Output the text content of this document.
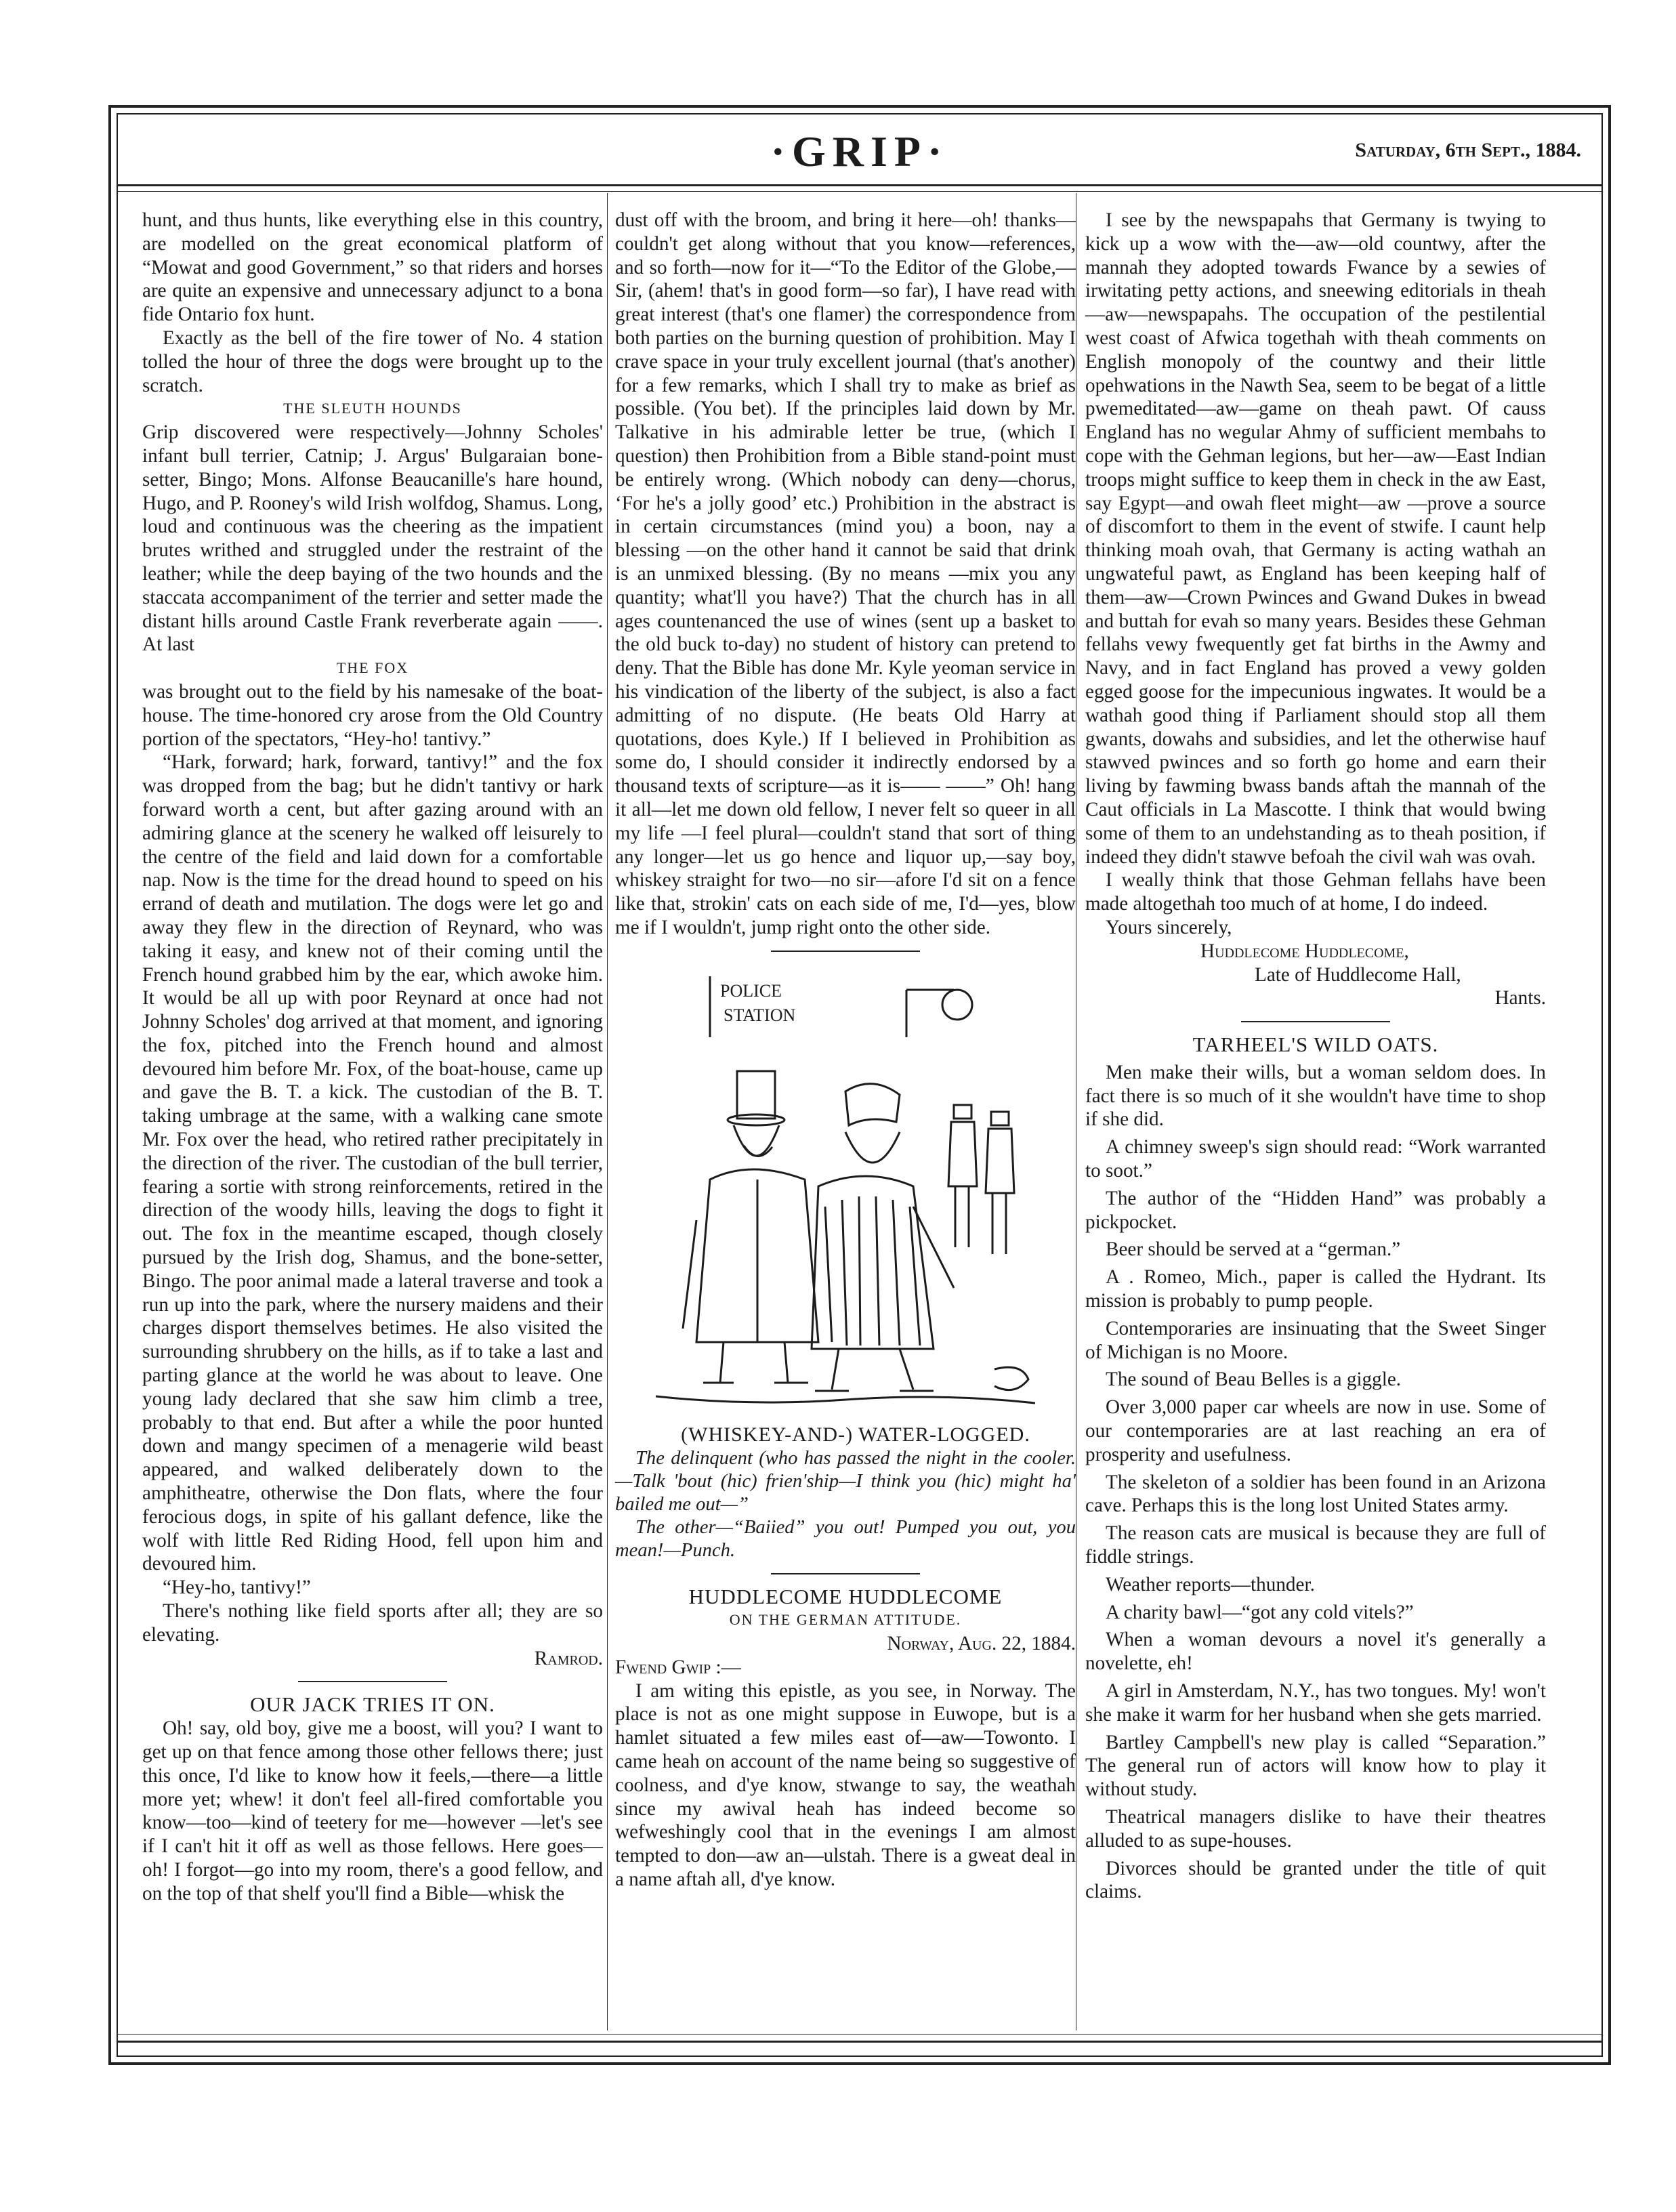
·GRIP·	Saturday, 6th Sept., 1884.

hunt, and thus hunts, like everything else in this country, are modelled on the great economical platform of “Mowat and good Government,” so that riders and horses are quite an expensive and unnecessary adjunct to a bona fide Ontario fox hunt.

Exactly as the bell of the fire tower of No. 4 station tolled the hour of three the dogs were brought up to the scratch.

THE SLEUTH HOUNDS

Grip discovered were respectively—Johnny Scholes' infant bull terrier, Catnip; J. Argus' Bulgaraian bone-setter, Bingo; Mons. Alfonse Beaucanille's hare hound, Hugo, and P. Rooney's wild Irish wolfdog, Shamus. Long, loud and continuous was the cheering as the impatient brutes writhed and struggled under the restraint of the leather; while the deep baying of the two hounds and the staccata accompaniment of the terrier and setter made the distant hills around Castle Frank reverberate again ——. At last

THE FOX

was brought out to the field by his namesake of the boat-house. The time-honored cry arose from the Old Country portion of the spectators, “Hey-ho! tantivy.”

“Hark, forward; hark, forward, tantivy!” and the fox was dropped from the bag; but he didn't tantivy or hark forward worth a cent, but after gazing around with an admiring glance at the scenery he walked off leisurely to the centre of the field and laid down for a comfortable nap. Now is the time for the dread hound to speed on his errand of death and mutilation. The dogs were let go and away they flew in the direction of Reynard, who was taking it easy, and knew not of their coming until the French hound grabbed him by the ear, which awoke him. It would be all up with poor Reynard at once had not Johnny Scholes' dog arrived at that moment, and ignoring the fox, pitched into the French hound and almost devoured him before Mr. Fox, of the boat-house, came up and gave the B. T. a kick. The custodian of the B. T. taking umbrage at the same, with a walking cane smote Mr. Fox over the head, who retired rather precipitately in the direction of the river. The custodian of the bull terrier, fearing a sortie with strong reinforcements, retired in the direction of the woody hills, leaving the dogs to fight it out. The fox in the meantime escaped, though closely pursued by the Irish dog, Shamus, and the bone-setter, Bingo. The poor animal made a lateral traverse and took a run up into the park, where the nursery maidens and their charges disport themselves betimes. He also visited the surrounding shrubbery on the hills, as if to take a last and parting glance at the world he was about to leave. One young lady declared that she saw him climb a tree, probably to that end. But after a while the poor hunted down and mangy specimen of a menagerie wild beast appeared, and walked deliberately down to the amphitheatre, otherwise the Don flats, where the four ferocious dogs, in spite of his gallant defence, like the wolf with little Red Riding Hood, fell upon him and devoured him.

“Hey-ho, tantivy!”

There's nothing like field sports after all; they are so elevating.

Ramrod.

OUR JACK TRIES IT ON.

Oh! say, old boy, give me a boost, will you? I want to get up on that fence among those other fellows there; just this once, I'd like to know how it feels,—there—a little more yet; whew! it don't feel all-fired comfortable you know—too—kind of teetery for me—however —let's see if I can't hit it off as well as those fellows. Here goes—oh! I forgot—go into my room, there's a good fellow, and on the top of that shelf you'll find a Bible—whisk the

dust off with the broom, and bring it here—oh! thanks—couldn't get along without that you know—references, and so forth—now for it—“To the Editor of the Globe,—Sir, (ahem! that's in good form—so far), I have read with great interest (that's one flamer) the correspondence from both parties on the burning question of prohibition. May I crave space in your truly excellent journal (that's another) for a few remarks, which I shall try to make as brief as possible. (You bet). If the principles laid down by Mr. Talkative in his admirable letter be true, (which I question) then Prohibition from a Bible stand-point must be entirely wrong. (Which nobody can deny—chorus, ‘For he's a jolly good’ etc.) Prohibition in the abstract is in certain circumstances (mind you) a boon, nay a blessing —on the other hand it cannot be said that drink is an unmixed blessing. (By no means —mix you any quantity; what'll you have?) That the church has in all ages countenanced the use of wines (sent up a basket to the old buck to-day) no student of history can pretend to deny. That the Bible has done Mr. Kyle yeoman service in his vindication of the liberty of the subject, is also a fact admitting of no dispute. (He beats Old Harry at quotations, does Kyle.) If I believed in Prohibition as some do, I should consider it indirectly endorsed by a thousand texts of scripture—as it is—— ——” Oh! hang it all—let me down old fellow, I never felt so queer in all my life —I feel plural—couldn't stand that sort of thing any longer—let us go hence and liquor up,—say boy, whiskey straight for two—no sir—afore I'd sit on a fence like that, strokin' cats on each side of me, I'd—yes, blow me if I wouldn't, jump right onto the other side.

POLICE
STATION

(WHISKEY-AND-) WATER-LOGGED.

The delinquent (who has passed the night in the cooler.—Talk 'bout (hic) frien'ship—I think you (hic) might ha' bailed me out—”

The other—“Baiied” you out! Pumped you out, you mean!—Punch.

HUDDLECOME HUDDLECOME

ON THE GERMAN ATTITUDE.

Norway, Aug. 22, 1884.

Fwend Gwip :—

I am witing this epistle, as you see, in Norway. The place is not as one might suppose in Euwope, but is a hamlet situated a few miles east of—aw—Towonto. I came heah on account of the name being so suggestive of coolness, and d'ye know, stwange to say, the weathah since my awival heah has indeed become so wefweshingly cool that in the evenings I am almost tempted to don—aw an—ulstah. There is a gweat deal in a name aftah all, d'ye know.

I see by the newspapahs that Germany is twying to kick up a wow with the—aw—old countwy, after the mannah they adopted towards Fwance by a sewies of irwitating petty actions, and sneewing editorials in theah —aw—newspapahs. The occupation of the pestilential west coast of Afwica togethah with theah comments on English monopoly of the countwy and their little opehwations in the Nawth Sea, seem to be begat of a little pwemeditated—aw—game on theah pawt. Of causs England has no wegular Ahmy of sufficient membahs to cope with the Gehman legions, but her—aw—East Indian troops might suffice to keep them in check in the aw East, say Egypt—and owah fleet might—aw —prove a source of discomfort to them in the event of stwife. I caunt help thinking moah ovah, that Germany is acting wathah an ungwateful pawt, as England has been keeping half of them—aw—Crown Pwinces and Gwand Dukes in bwead and buttah for evah so many years. Besides these Gehman fellahs vewy fwequently get fat births in the Awmy and Navy, and in fact England has proved a vewy golden egged goose for the impecunious ingwates. It would be a wathah good thing if Parliament should stop all them gwants, dowahs and subsidies, and let the otherwise hauf stawved pwinces and so forth go home and earn their living by fawming bwass bands aftah the mannah of the Caut officials in La Mascotte. I think that would bwing some of them to an undehstanding as to theah position, if indeed they didn't stawve befoah the civil wah was ovah.

I weally think that those Gehman fellahs have been made altogethah too much of at home, I do indeed.

Yours sincerely,

Huddlecome Huddlecome,

Late of Huddlecome Hall,

Hants.

TARHEEL'S WILD OATS.

Men make their wills, but a woman seldom does. In fact there is so much of it she wouldn't have time to shop if she did.

A chimney sweep's sign should read: “Work warranted to soot.”

The author of the “Hidden Hand” was probably a pickpocket.

Beer should be served at a “german.”

A . Romeo, Mich., paper is called the Hydrant. Its mission is probably to pump people.

Contemporaries are insinuating that the Sweet Singer of Michigan is no Moore.

The sound of Beau Belles is a giggle.

Over 3,000 paper car wheels are now in use. Some of our contemporaries are at last reaching an era of prosperity and usefulness.

The skeleton of a soldier has been found in an Arizona cave. Perhaps this is the long lost United States army.

The reason cats are musical is because they are full of fiddle strings.

Weather reports—thunder.

A charity bawl—“got any cold vitels?”

When a woman devours a novel it's generally a novelette, eh!

A girl in Amsterdam, N.Y., has two tongues. My! won't she make it warm for her husband when she gets married.

Bartley Campbell's new play is called “Separation.” The general run of actors will know how to play it without study.

Theatrical managers dislike to have their theatres alluded to as supe-houses.

Divorces should be granted under the title of quit claims.
